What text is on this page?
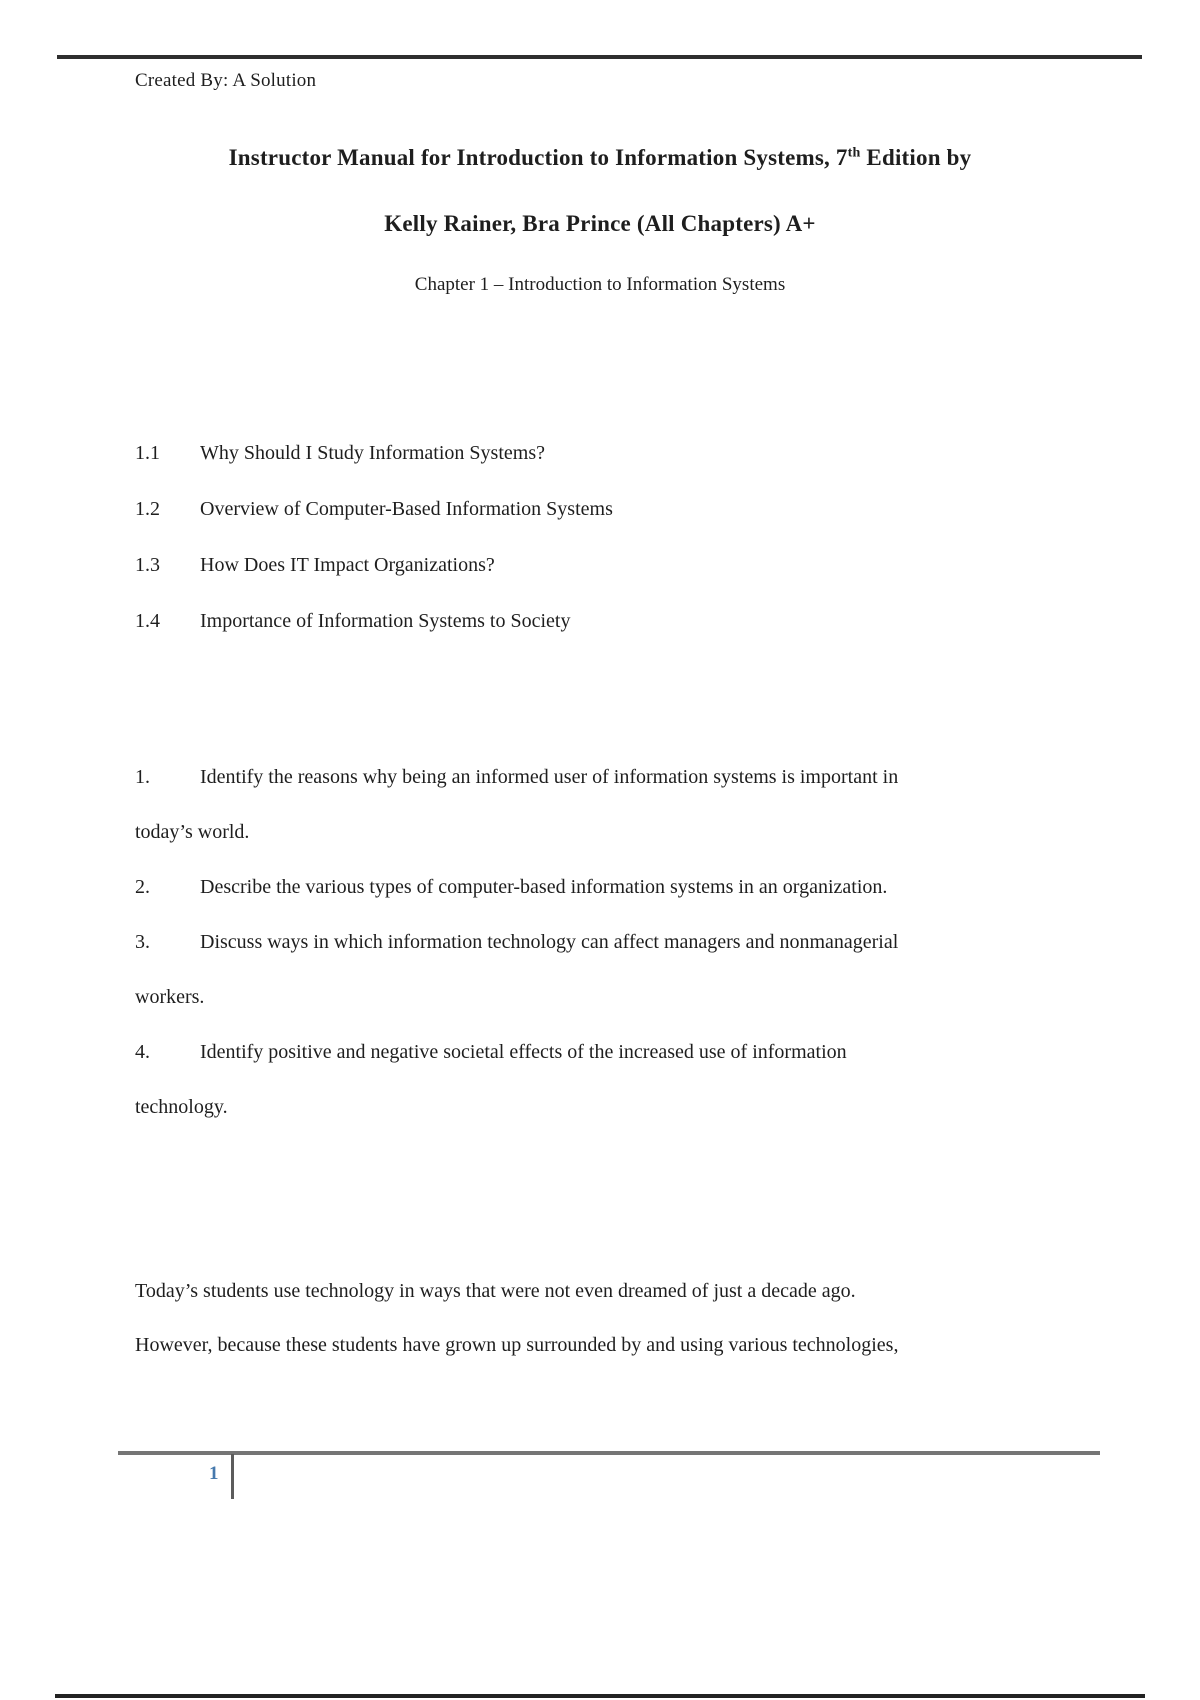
Created By: A Solution
Instructor Manual for Introduction to Information Systems, 7th Edition by
Kelly Rainer, Bra Prince (All Chapters) A+
Chapter 1 – Introduction to Information Systems
1.1	Why Should I Study Information Systems?
1.2	Overview of Computer-Based Information Systems
1.3	How Does IT Impact Organizations?
1.4	Importance of Information Systems to Society
1.	Identify the reasons why being an informed user of information systems is important in
today’s world.
2.	Describe the various types of computer-based information systems in an organization.
3.	Discuss ways in which information technology can affect managers and nonmanagerial
workers.
4.	Identify positive and negative societal effects of the increased use of information
technology.
Today’s students use technology in ways that were not even dreamed of just a decade ago.
However, because these students have grown up surrounded by and using various technologies,
1
